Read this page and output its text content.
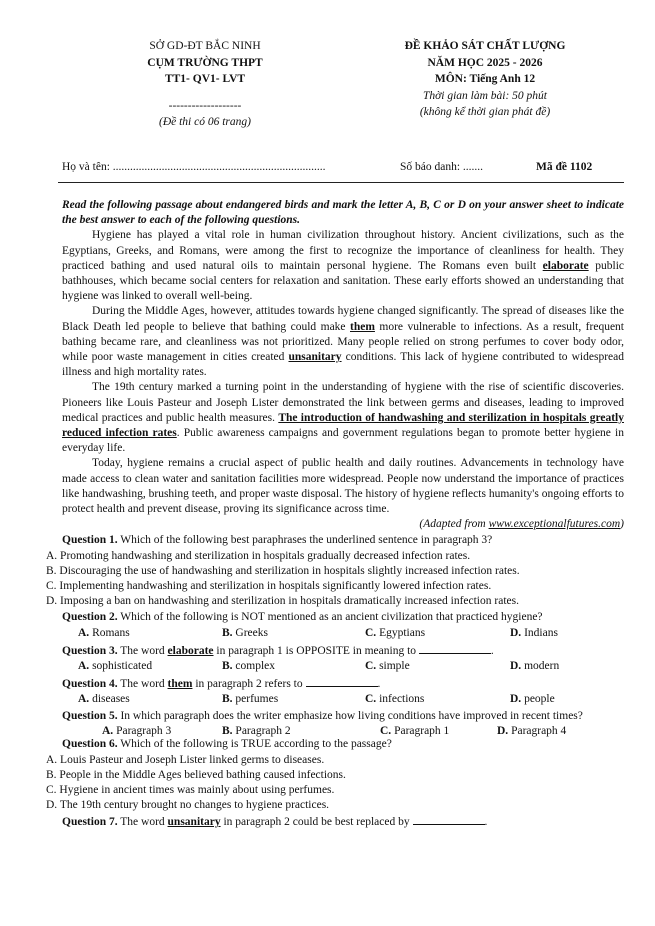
SỞ GD-ĐT BẮC NINH
CỤM TRƯỜNG THPT
TT1- QV1- LVT
-------------------
(Đề thi có 06 trang)
ĐỀ KHẢO SÁT CHẤT LƯỢNG
NĂM HỌC 2025 - 2026
MÔN: Tiếng Anh 12
Thời gian làm bài: 50 phút
(không kể thời gian phát đề)
Họ và tên: ..........................................................................	Số báo danh: .......	Mã đề 1102

Read the following passage about endangered birds and mark the letter A, B, C or D on your answer sheet to indicate the best answer to each of the following questions.

Hygiene has played a vital role in human civilization throughout history. Ancient civilizations, such as the Egyptians, Greeks, and Romans, were among the first to recognize the importance of cleanliness for health. They practiced bathing and used natural oils to maintain personal hygiene. The Romans even built elaborate public bathhouses, which became social centers for relaxation and sanitation. These early efforts showed an understanding that hygiene was linked to overall well-being.

During the Middle Ages, however, attitudes towards hygiene changed significantly. The spread of diseases like the Black Death led people to believe that bathing could make them more vulnerable to infections. As a result, frequent bathing became rare, and cleanliness was not prioritized. Many people relied on strong perfumes to cover body odor, while poor waste management in cities created unsanitary conditions. This lack of hygiene contributed to widespread illness and high mortality rates.

The 19th century marked a turning point in the understanding of hygiene with the rise of scientific discoveries. Pioneers like Louis Pasteur and Joseph Lister demonstrated the link between germs and diseases, leading to improved medical practices and public health measures. The introduction of handwashing and sterilization in hospitals greatly reduced infection rates. Public awareness campaigns and government regulations began to promote better hygiene in everyday life.

Today, hygiene remains a crucial aspect of public health and daily routines. Advancements in technology have made access to clean water and sanitation facilities more widespread. People now understand the importance of practices like handwashing, brushing teeth, and proper waste disposal. The history of hygiene reflects humanity's ongoing efforts to protect health and prevent disease, proving its significance across time.

(Adapted from www.exceptionalfutures.com)

Question 1. Which of the following best paraphrases the underlined sentence in paragraph 3?
A. Promoting handwashing and sterilization in hospitals gradually decreased infection rates.
B. Discouraging the use of handwashing and sterilization in hospitals slightly increased infection rates.
C. Implementing handwashing and sterilization in hospitals significantly lowered infection rates.
D. Imposing a ban on handwashing and sterilization in hospitals dramatically increased infection rates.
Question 2. Which of the following is NOT mentioned as an ancient civilization that practiced hygiene?
A. Romans	B. Greeks	C. Egyptians	D. Indians
Question 3. The word elaborate in paragraph 1 is OPPOSITE in meaning to	.
A. sophisticated	B. complex	C. simple	D. modern
Question 4. The word them in paragraph 2 refers to	.
A. diseases	B. perfumes	C. infections	D. people
Question 5. In which paragraph does the writer emphasize how living conditions have improved in recent times?
A. Paragraph 3	B. Paragraph 2	C. Paragraph 1	D. Paragraph 4
Question 6. Which of the following is TRUE according to the passage?
A. Louis Pasteur and Joseph Lister linked germs to diseases.
B. People in the Middle Ages believed bathing caused infections.
C. Hygiene in ancient times was mainly about using perfumes.
D. The 19th century brought no changes to hygiene practices.
Question 7. The word unsanitary in paragraph 2 could be best replaced by	.
